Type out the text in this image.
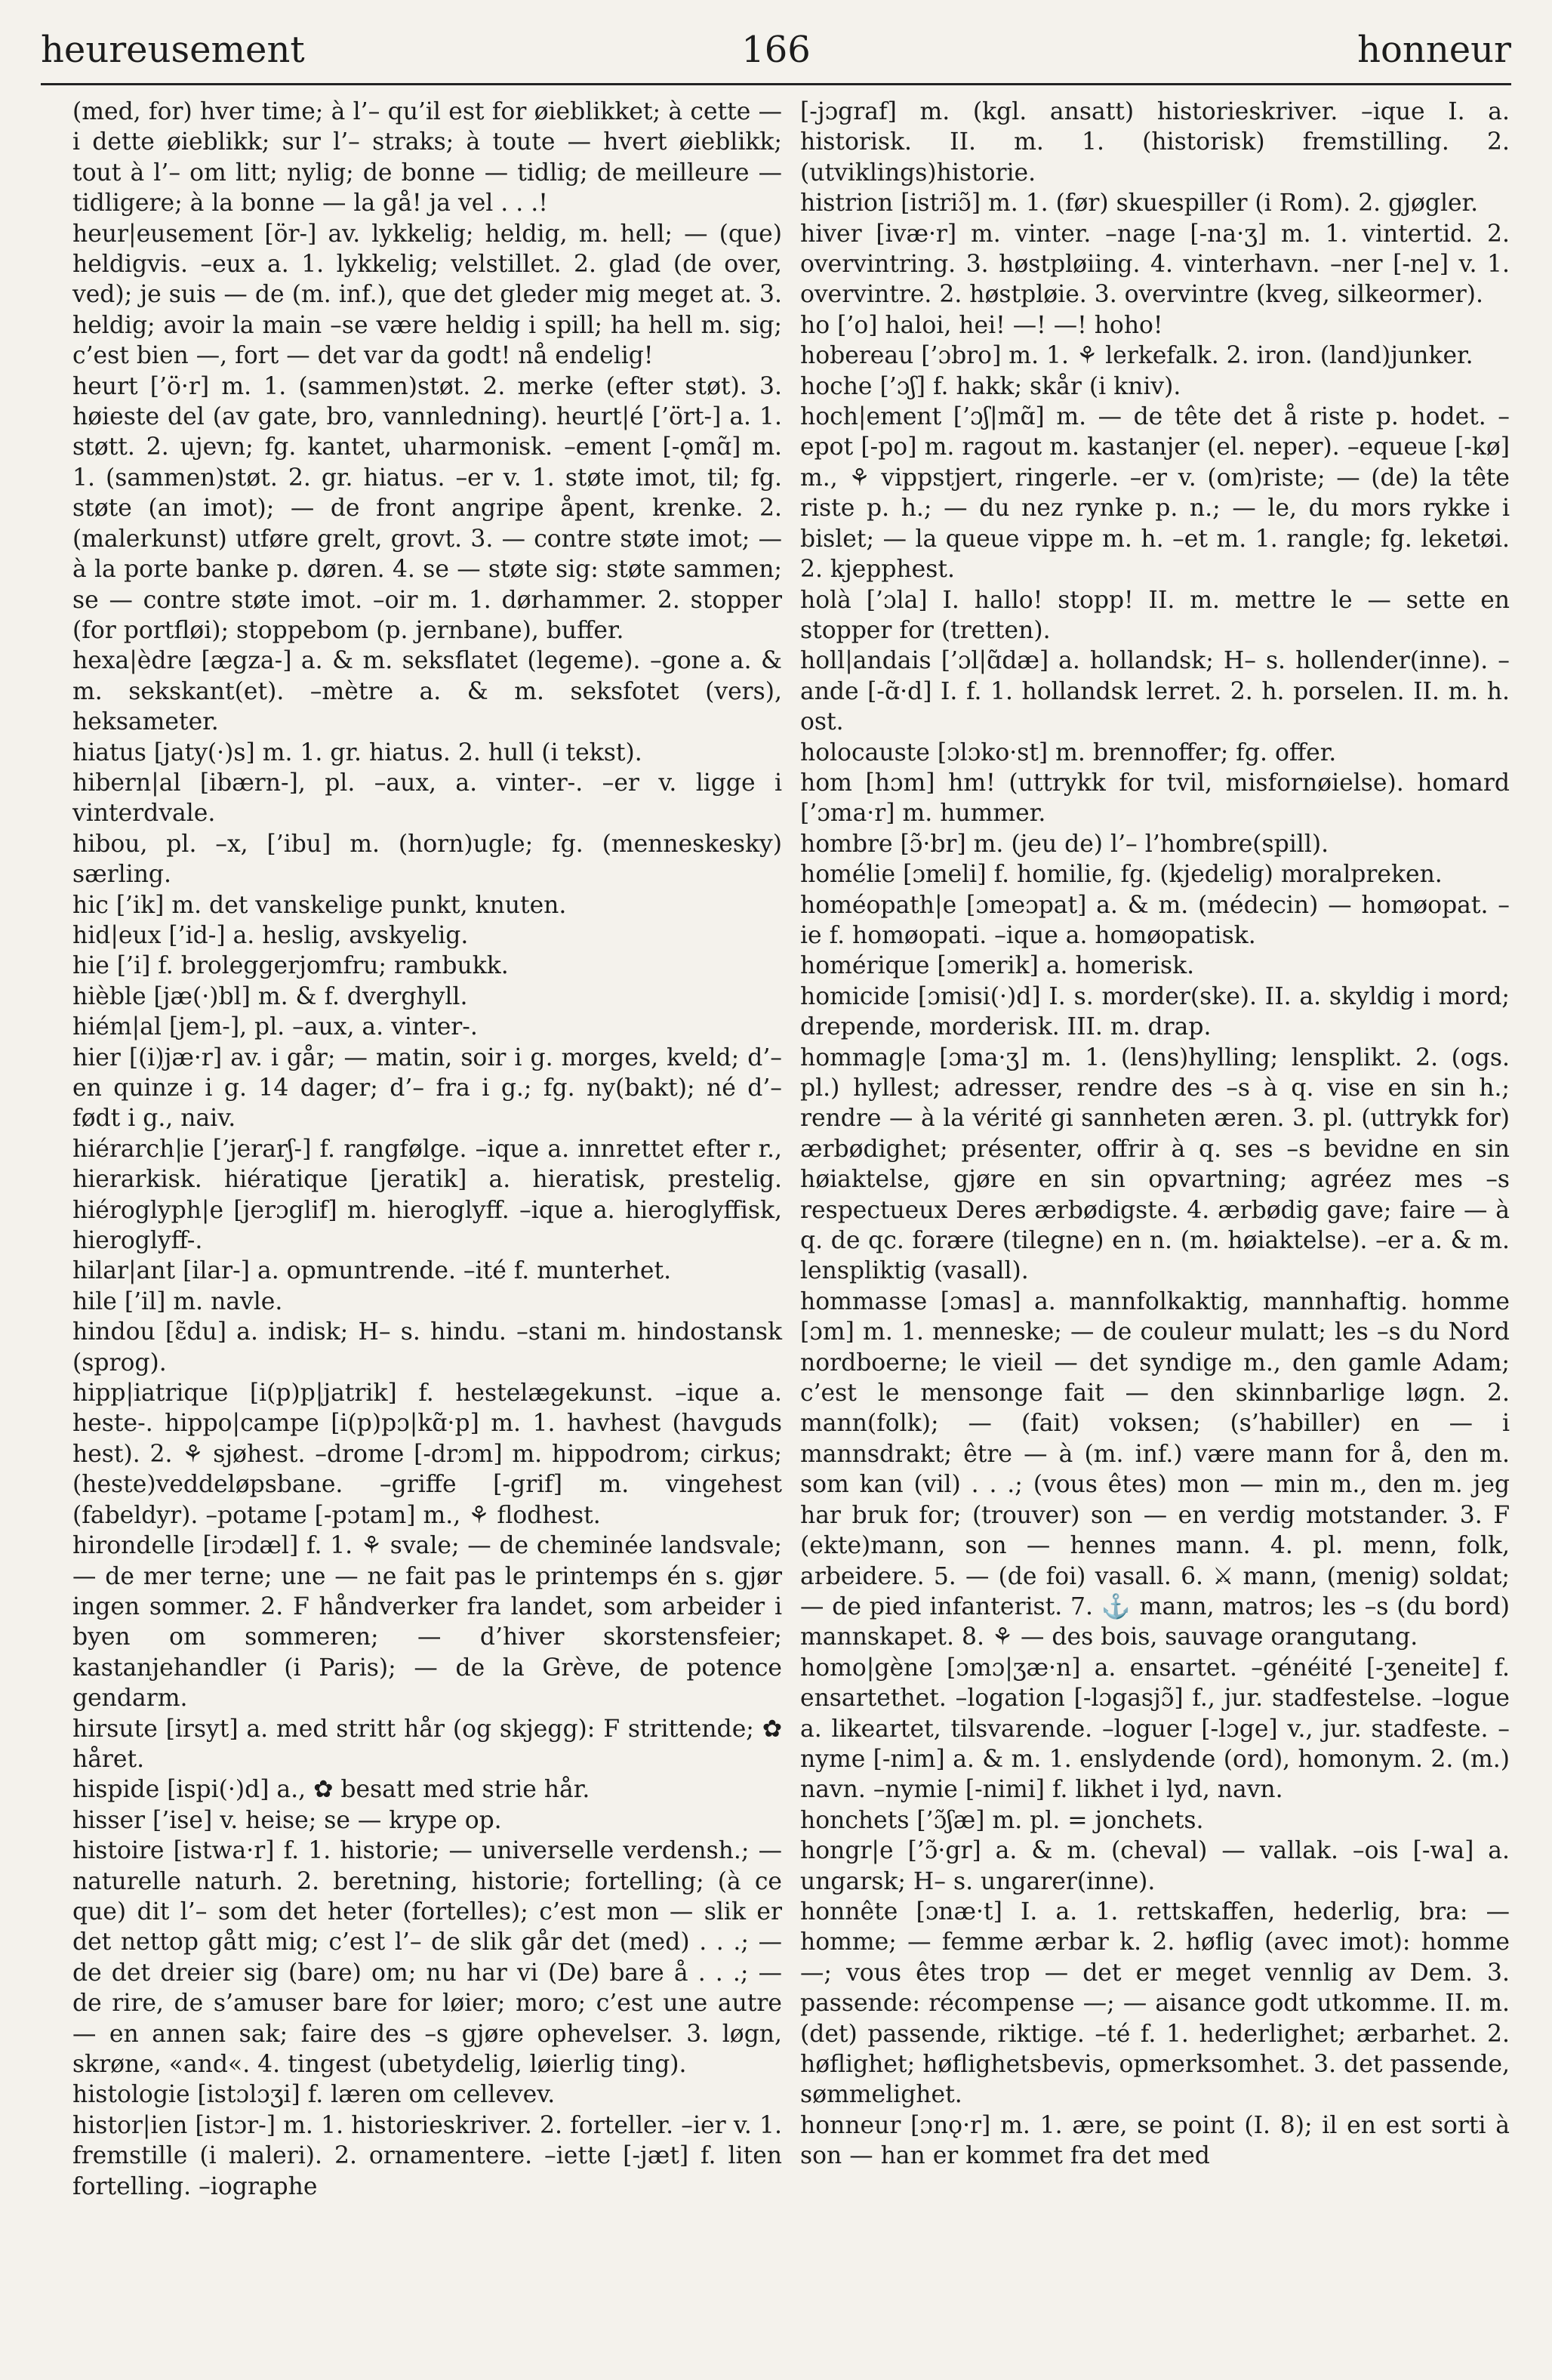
heureusement	166	honneur

(med, for) hver time; à l’– qu’il est for øieblikket; à cette — i dette øieblikk; sur l’– straks; à toute — hvert øieblikk; tout à l’– om litt; nylig; de bonne — tidlig; de meilleure — tidligere; à la bonne — la gå! ja vel . . .!

heur|eusement [ör-] av. lykkelig; heldig, m. hell; — (que) heldigvis. –eux a. 1. lykkelig; velstillet. 2. glad (de over, ved); je suis — de (m. inf.), que det gleder mig meget at. 3. heldig; avoir la main –se være heldig i spill; ha hell m. sig; c’est bien —, fort — det var da godt! nå endelig!

heurt [’ö·r] m. 1. (sammen)støt. 2. merke (efter støt). 3. høieste del (av gate, bro, vannledning). heurt|é [’ört-] a. 1. støtt. 2. ujevn; fg. kantet, uharmonisk. –ement [-ǫmɑ̃] m. 1. (sammen)støt. 2. gr. hiatus. –er v. 1. støte imot, til; fg. støte (an imot); — de front angripe åpent, krenke. 2. (malerkunst) utføre grelt, grovt. 3. — contre støte imot; — à la porte banke p. døren. 4. se — støte sig: støte sammen; se — contre støte imot. –oir m. 1. dørhammer. 2. stopper (for portfløi); stoppebom (p. jernbane), buffer.

hexa|èdre [ægza-] a. & m. seksflatet (legeme). –gone a. & m. sekskant(et). –mètre a. & m. seksfotet (vers), heksameter.

hiatus [jaty(·)s] m. 1. gr. hiatus. 2. hull (i tekst).

hibern|al [ibærn-], pl. –aux, a. vinter-. –er v. ligge i vinterdvale.

hibou, pl. –x, [’ibu] m. (horn)ugle; fg. (menneskesky) særling.

hic [’ik] m. det vanskelige punkt, knuten.

hid|eux [’id-] a. heslig, avskyelig.

hie [’i] f. broleggerjomfru; rambukk.

hièble [jæ(·)bl] m. & f. dverghyll.

hiém|al [jem-], pl. –aux, a. vinter-.

hier [(i)jæ·r] av. i går; — matin, soir i g. morges, kveld; d’– en quinze i g. 14 dager; d’– fra i g.; fg. ny(bakt); né d’– født i g., naiv.

hiérarch|ie [’jerarʃ-] f. rangfølge. –ique a. innrettet efter r., hierarkisk. hiératique [jeratik] a. hieratisk, prestelig. hiéroglyph|e [jerɔglif] m. hieroglyff. –ique a. hieroglyffisk, hieroglyff-.

hilar|ant [ilar-] a. opmuntrende. –ité f. munterhet.

hile [’il] m. navle.

hindou [ɛ̃du] a. indisk; H– s. hindu. –stani m. hindostansk (sprog).

hipp|iatrique [i(p)p|jatrik] f. hestelægekunst. –ique a. heste-. hippo|campe [i(p)pɔ|kɑ̃·p] m. 1. havhest (havguds hest). 2. ⚘ sjøhest. –drome [-drɔm] m. hippodrom; cirkus; (heste)veddeløpsbane. –griffe [-grif] m. vingehest (fabeldyr). –potame [-pɔtam] m., ⚘ flodhest.

hirondelle [irɔdæl] f. 1. ⚘ svale; — de cheminée landsvale; — de mer terne; une — ne fait pas le printemps én s. gjør ingen sommer. 2. F håndverker fra landet, som arbeider i byen om sommeren; — d’hiver skorstensfeier; kastanjehandler (i Paris); — de la Grève, de potence gendarm.

hirsute [irsyt] a. med stritt hår (og skjegg): F strittende; ✿ håret.

hispide [ispi(·)d] a., ✿ besatt med strie hår.

hisser [’ise] v. heise; se — krype op.

histoire [istwa·r] f. 1. historie; — universelle verdensh.; — naturelle naturh. 2. beretning, historie; fortelling; (à ce que) dit l’– som det heter (fortelles); c’est mon — slik er det nettop gått mig; c’est l’– de slik går det (med) . . .; — de det dreier sig (bare) om; nu har vi (De) bare å . . .; — de rire, de s’amuser bare for løier; moro; c’est une autre — en annen sak; faire des –s gjøre ophevelser. 3. løgn, skrøne, «and«. 4. tingest (ubetydelig, løierlig ting).

histologie [istɔlɔʒi] f. læren om cellevev.

histor|ien [istɔr-] m. 1. historieskriver. 2. forteller. –ier v. 1. fremstille (i maleri). 2. ornamentere. –iette [-jæt] f. liten fortelling. –iographe

[-jɔgraf] m. (kgl. ansatt) historieskriver. –ique I. a. historisk. II. m. 1. (historisk) fremstilling. 2. (utviklings)historie.

histrion [istriɔ̃] m. 1. (før) skuespiller (i Rom). 2. gjøgler.

hiver [ivæ·r] m. vinter. –nage [-na·ʒ] m. 1. vintertid. 2. overvintring. 3. høstpløiing. 4. vinterhavn. –ner [-ne] v. 1. overvintre. 2. høstpløie. 3. overvintre (kveg, silkeormer).

ho [’o] haloi, hei! —! —! hoho!

hobereau [’ɔbro] m. 1. ⚘ lerkefalk. 2. iron. (land)junker.

hoche [’ɔʃ] f. hakk; skår (i kniv).

hoch|ement [’ɔʃ|mɑ̃] m. — de tête det å riste p. hodet. –epot [-po] m. ragout m. kastanjer (el. neper). –equeue [-kø] m., ⚘ vippstjert, ringerle. –er v. (om)riste; — (de) la tête riste p. h.; — du nez rynke p. n.; — le, du mors rykke i bislet; — la queue vippe m. h. –et m. 1. rangle; fg. leketøi. 2. kjepphest.

holà [’ɔla] I. hallo! stopp! II. m. mettre le — sette en stopper for (tretten).

holl|andais [’ɔl|ɑ̃dæ] a. hollandsk; H– s. hollender(inne). –ande [-ɑ̃·d] I. f. 1. hollandsk lerret. 2. h. porselen. II. m. h. ost.

holocauste [ɔlɔko·st] m. brennoffer; fg. offer.

hom [hɔm] hm! (uttrykk for tvil, misfornøielse). homard [’ɔma·r] m. hummer.

hombre [ɔ̃·br] m. (jeu de) l’– l’hombre(spill).

homélie [ɔmeli] f. homilie, fg. (kjedelig) moralpreken.

homéopath|e [ɔmeɔpat] a. & m. (médecin) — homøopat. –ie f. homøopati. –ique a. homøopatisk.

homérique [ɔmerik] a. homerisk.

homicide [ɔmisi(·)d] I. s. morder(ske). II. a. skyldig i mord; drepende, morderisk. III. m. drap.

hommag|e [ɔma·ʒ] m. 1. (lens)hylling; lensplikt. 2. (ogs. pl.) hyllest; adresser, rendre des –s à q. vise en sin h.; rendre — à la vérité gi sannheten æren. 3. pl. (uttrykk for) ærbødighet; présenter, offrir à q. ses –s bevidne en sin høiaktelse, gjøre en sin opvartning; agréez mes –s respectueux Deres ærbødigste. 4. ærbødig gave; faire — à q. de qc. forære (tilegne) en n. (m. høiaktelse). –er a. & m. lenspliktig (vasall).

hommasse [ɔmas] a. mannfolkaktig, mannhaftig. homme [ɔm] m. 1. menneske; — de couleur mulatt; les –s du Nord nordboerne; le vieil — det syndige m., den gamle Adam; c’est le mensonge fait — den skinnbarlige løgn. 2. mann(folk); — (fait) voksen; (s’habiller) en — i mannsdrakt; être — à (m. inf.) være mann for å, den m. som kan (vil) . . .; (vous êtes) mon — min m., den m. jeg har bruk for; (trouver) son — en verdig motstander. 3. F (ekte)mann, son — hennes mann. 4. pl. menn, folk, arbeidere. 5. — (de foi) vasall. 6. ⚔ mann, (menig) soldat; — de pied infanterist. 7. ⚓ mann, matros; les –s (du bord) mannskapet. 8. ⚘ — des bois, sauvage orangutang.

homo|gène [ɔmɔ|ʒæ·n] a. ensartet. –généité [-ʒeneite] f. ensartethet. –logation [-lɔgasjɔ̃] f., jur. stadfestelse. –logue a. likeartet, tilsvarende. –loguer [-lɔge] v., jur. stadfeste. –nyme [-nim] a. & m. 1. enslydende (ord), homonym. 2. (m.) navn. –nymie [-nimi] f. likhet i lyd, navn.

honchets [’ɔ̃ʃæ] m. pl. = jonchets.

hongr|e [’ɔ̃·gr] a. & m. (cheval) — vallak. –ois [-wa] a. ungarsk; H– s. ungarer(inne).

honnête [ɔnæ·t] I. a. 1. rettskaffen, hederlig, bra: — homme; — femme ærbar k. 2. høflig (avec imot): homme —; vous êtes trop — det er meget vennlig av Dem. 3. passende: récompense —; — aisance godt utkomme. II. m. (det) passende, riktige. –té f. 1. hederlighet; ærbarhet. 2. høflighet; høflighetsbevis, opmerksomhet. 3. det passende, sømmelighet.

honneur [ɔnǫ·r] m. 1. ære, se point (I. 8); il en est sorti à son — han er kommet fra det med
